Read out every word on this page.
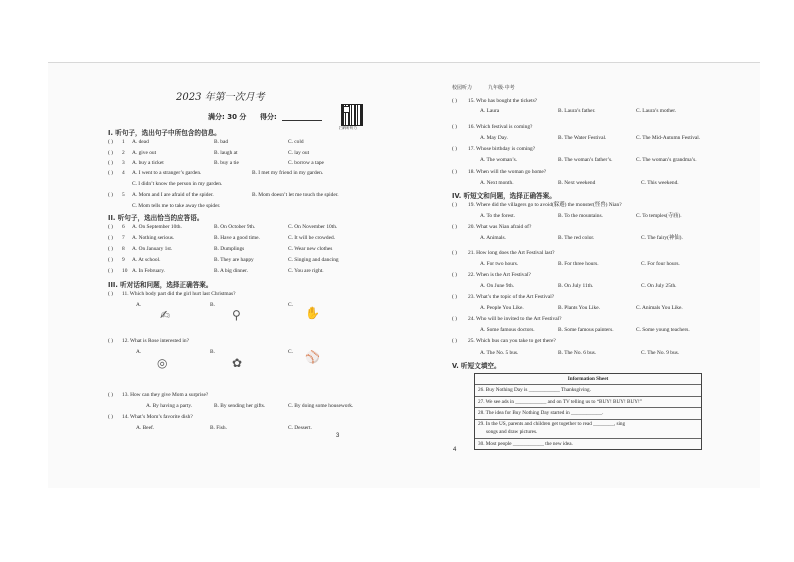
2023 年第一次月考
满分: 30 分 得分:
扫码听听力
I. 听句子，选出句子中所包含的信息。
( ) 1 A. dead	B. bad	C. cold
( ) 2 A. give out	B. laugh at	C. lay out
( ) 3 A. buy a ticket	B. buy a tie	C. borrow a tape
( ) 4 A. I went to a stranger’s garden.	B. I met my friend in my garden.
C. I didn’t know the person in my garden.
( ) 5 A. Mom and I are afraid of the spider.	B. Mom doesn’t let me touch the spider.
C. Mom tells me to take away the spider.
II. 听句子，选出恰当的应答语。
( ) 6 A. On September 10th.	B. On October 9th.	C. On November 10th.
( ) 7 A. Nothing serious.	B. Have a good time.	C. It will be crowded.
( ) 8 A. On January 1st.	B. Dumplings	C. Wear new clothes
( ) 9 A. At school.	B. They are happy	C. Singing and dancing
( ) 10 A. In February.	B. A big dinner.	C. You are right.
III. 听对话和问题，选择正确答案。
( ) 11. Which body part did the girl hurt last Christmas?
A.	B.	C.
✍	⚲	✋
( ) 12. What is Rose interested in?
A.	B.	C.
◎	✿	⚾
( ) 13. How can they give Mom a surprise?
A. By having a party.	B. By sending her gifts.	C. By doing some housework.
( ) 14. What’s Mom’s favorite dish?
A. Beef.	B. Fish.	C. Dessert.
3
校园听力	九年级·中考
( ) 15. Who has bought the tickets?
A. Laura	B. Laura’s father.	C. Laura’s mother.
( ) 16. Which festival is coming?
A. May Day.	B. The Water Festival.	C. The Mid-Autumn Festival.
( ) 17. Whose birthday is coming?
A. The woman’s.	B. The woman’s father’s.	C. The woman’s grandma’s.
( ) 18. When will the woman go home?
A. Next month.	B. Next weekend	C. This weekend.
IV. 听短文和问题，选择正确答案。
( ) 19. Where did the villagers go to avoid(躲避) the monster(怪兽) Nian?
A. To the forest.	B. To the mountains.	C. To temples(寺庙).
( ) 20. What was Nian afraid of?
A. Animals.	B. The red color.	C. The fairy(神仙).
( ) 21. How long does the Art Festival last?
A. For two hours.	B. For three hours.	C. For four hours.
( ) 22. When is the Art Festival?
A. On June 9th.	B. On July 11th.	C. On July 25th.
( ) 23. What’s the topic of the Art Festival?
A. People You Like.	B. Plants You Like.	C. Animals You Like.
( ) 24. Who will be invited to the Art Festival?
A. Some famous doctors.	B. Some famous painters.	C. Some young teachers.
( ) 25. Which bus can you take to get there?
A. The No. 5 bus.	B. The No. 6 bus.	C. The No. 9 bus.
V. 听短文填空。
Information Sheet
26. Buy Nothing Day is ____________ Thanksgiving.
27. We see ads in ____________ and on TV telling us to “BUY! BUY! BUY!”
28. The idea for Buy Nothing Day started in ____________.
29. In the US, parents and children get together to read ________, sing
songs and draw pictures.
30. Most people ____________ the new idea.
4
